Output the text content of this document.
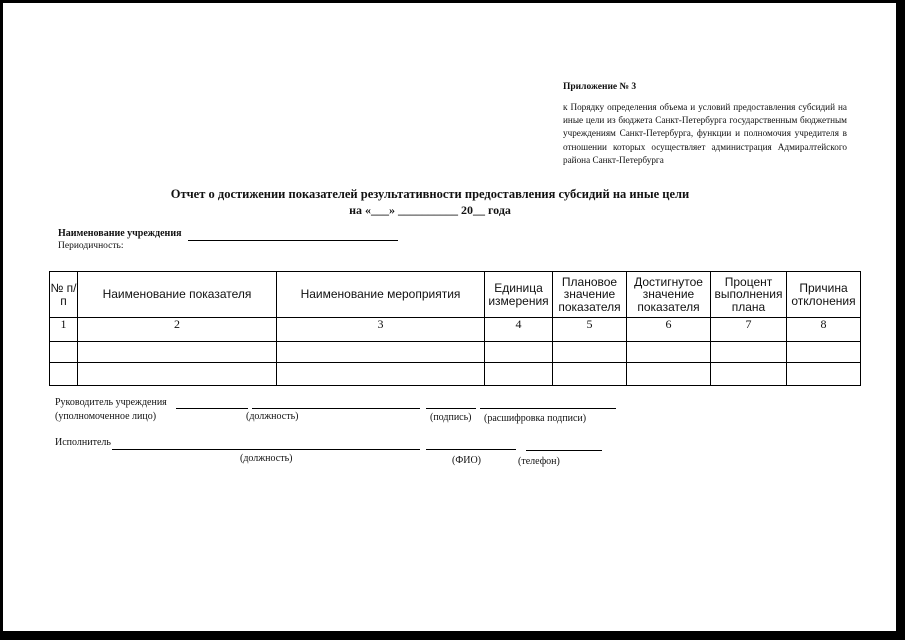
Приложение № 3
к Порядку определения объема и условий предоставления субсидий на иные цели из бюджета Санкт-Петербурга государственным бюджетным учреждениям Санкт-Петербурга, функции и полномочия учредителя в отношении которых осуществляет администрация Адмиралтейского района Санкт-Петербурга
Отчет о достижении показателей результативности предоставления субсидий на иные цели
на «___» __________ 20__ года
Наименование учреждения
Периодичность:
№ п/п	Наименование показателя	Наименование мероприятия	Единица измерения	Плановое значение показателя	Достигнутое значение показателя	Процент выполнения плана	Причина отклонения
1	2	3	4	5	6	7	8

Руководитель учреждения
(уполномоченное лицо)	(должность)	(подпись) (расшифровка подписи)
Исполнитель
(должность)	(ФИО)	(телефон)
